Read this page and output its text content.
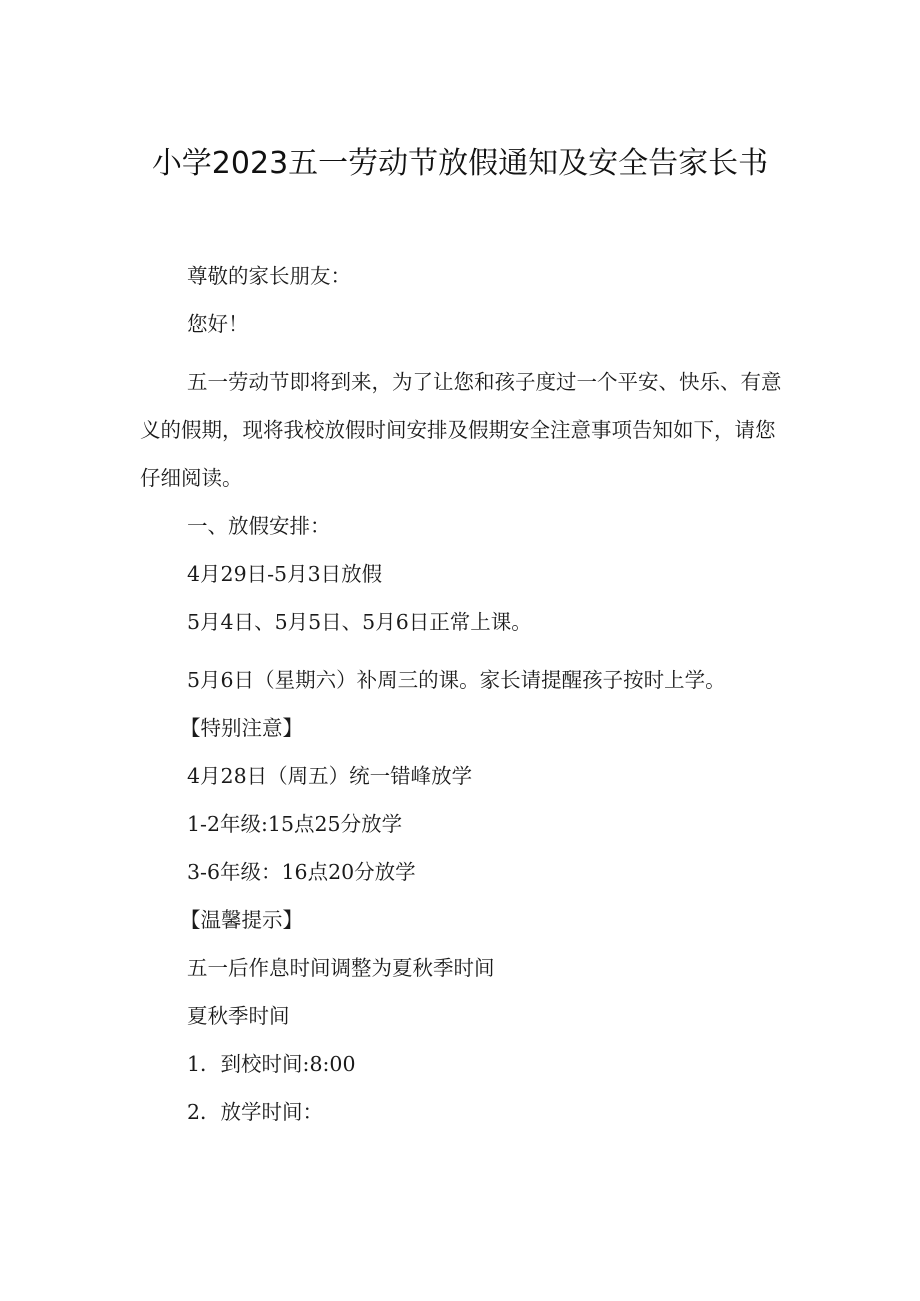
小学2023五一劳动节放假通知及安全告家长书

尊敬的家长朋友：

您好！

五一劳动节即将到来，为了让您和孩子度过一个平安、快乐、有意义的假期，现将我校放假时间安排及假期安全注意事项告知如下，请您仔细阅读。

一、放假安排：

4月29日-5月3日放假

5月4日、5月5日、5月6日正常上课。

5月6日（星期六）补周三的课。家长请提醒孩子按时上学。

【特别注意】

4月28日（周五）统一错峰放学

1-2年级:15点25分放学

3-6年级：16点20分放学

【温馨提示】

五一后作息时间调整为夏秋季时间

夏秋季时间

1．到校时间:8:00

2．放学时间：
